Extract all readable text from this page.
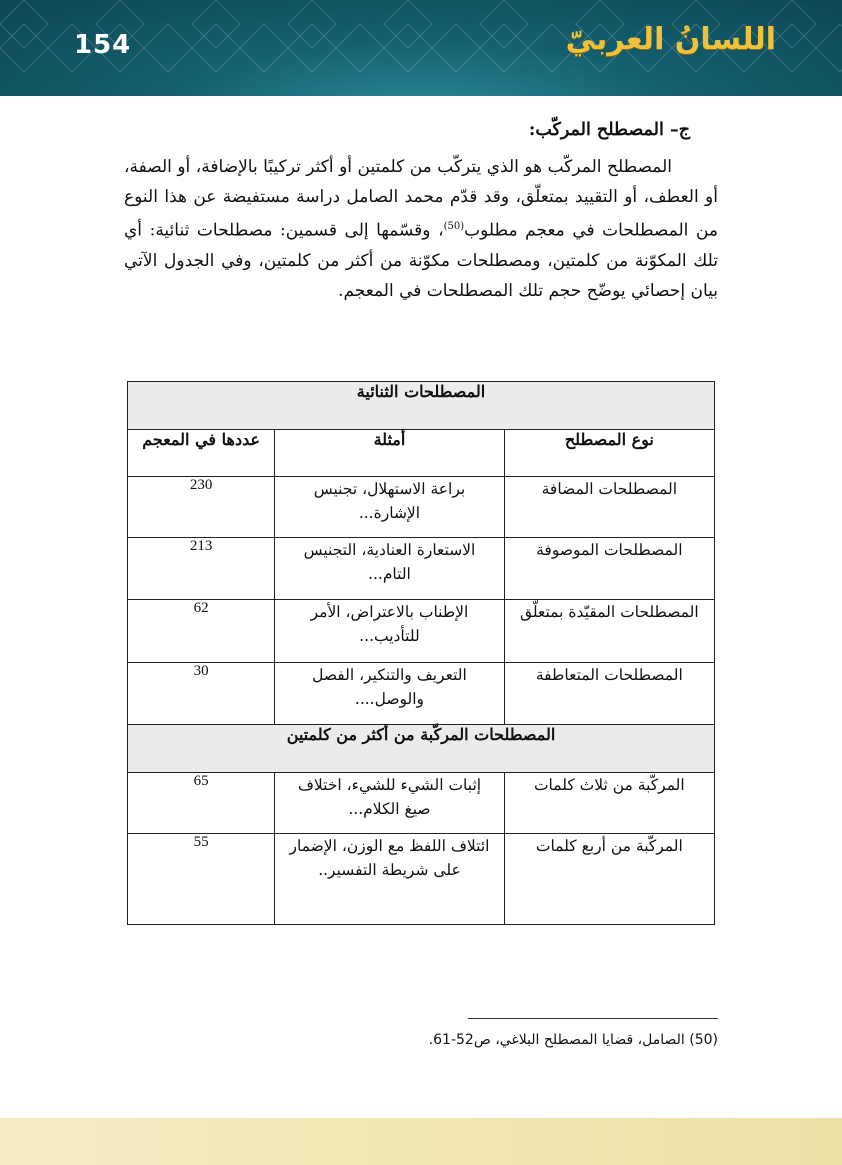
154	اللسانُ العربيّ
ج– المصطلح المركّب:

المصطلح المركّب هو الذي يتركّب من كلمتين أو أكثر تركيبًا بالإضافة، أو الصفة، أو العطف، أو التقييد بمتعلّق، وقد قدّم محمد الصامل دراسة مستفيضة عن هذا النوع من المصطلحات في معجم مطلوب$^{(50)}$، وقسّمها إلى قسمين: مصطلحات ثنائية: أي تلك المكوّنة من كلمتين، ومصطلحات مكوّنة من أكثر من كلمتين، وفي الجدول الآتي بيان إحصائي يوضّح حجم تلك المصطلحات في المعجم.

المصطلحات الثنائية		
نوع المصطلح	أمثلة	عددها في المعجم
المصطلحات المضافة	براعة الاستهلال، تجنيس الإشارة...	230
المصطلحات الموصوفة	الاستعارة العنادية، التجنيس التام...	213
المصطلحات المقيّدة بمتعلّق	الإطناب بالاعتراض، الأمر للتأديب...	62
المصطلحات المتعاطفة	التعريف والتنكير، الفصل والوصل....	30
المصطلحات المركّبة من أكثر من كلمتين		
المركّبة من ثلاث كلمات	إثبات الشيء للشيء، اختلاف صيغ الكلام...	65
المركّبة من أربع كلمات	ائتلاف اللفظ مع الوزن، الإضمار على شريطة التفسير..	55
(50) الصامل، قضايا المصطلح البلاغي، ص52-61.
